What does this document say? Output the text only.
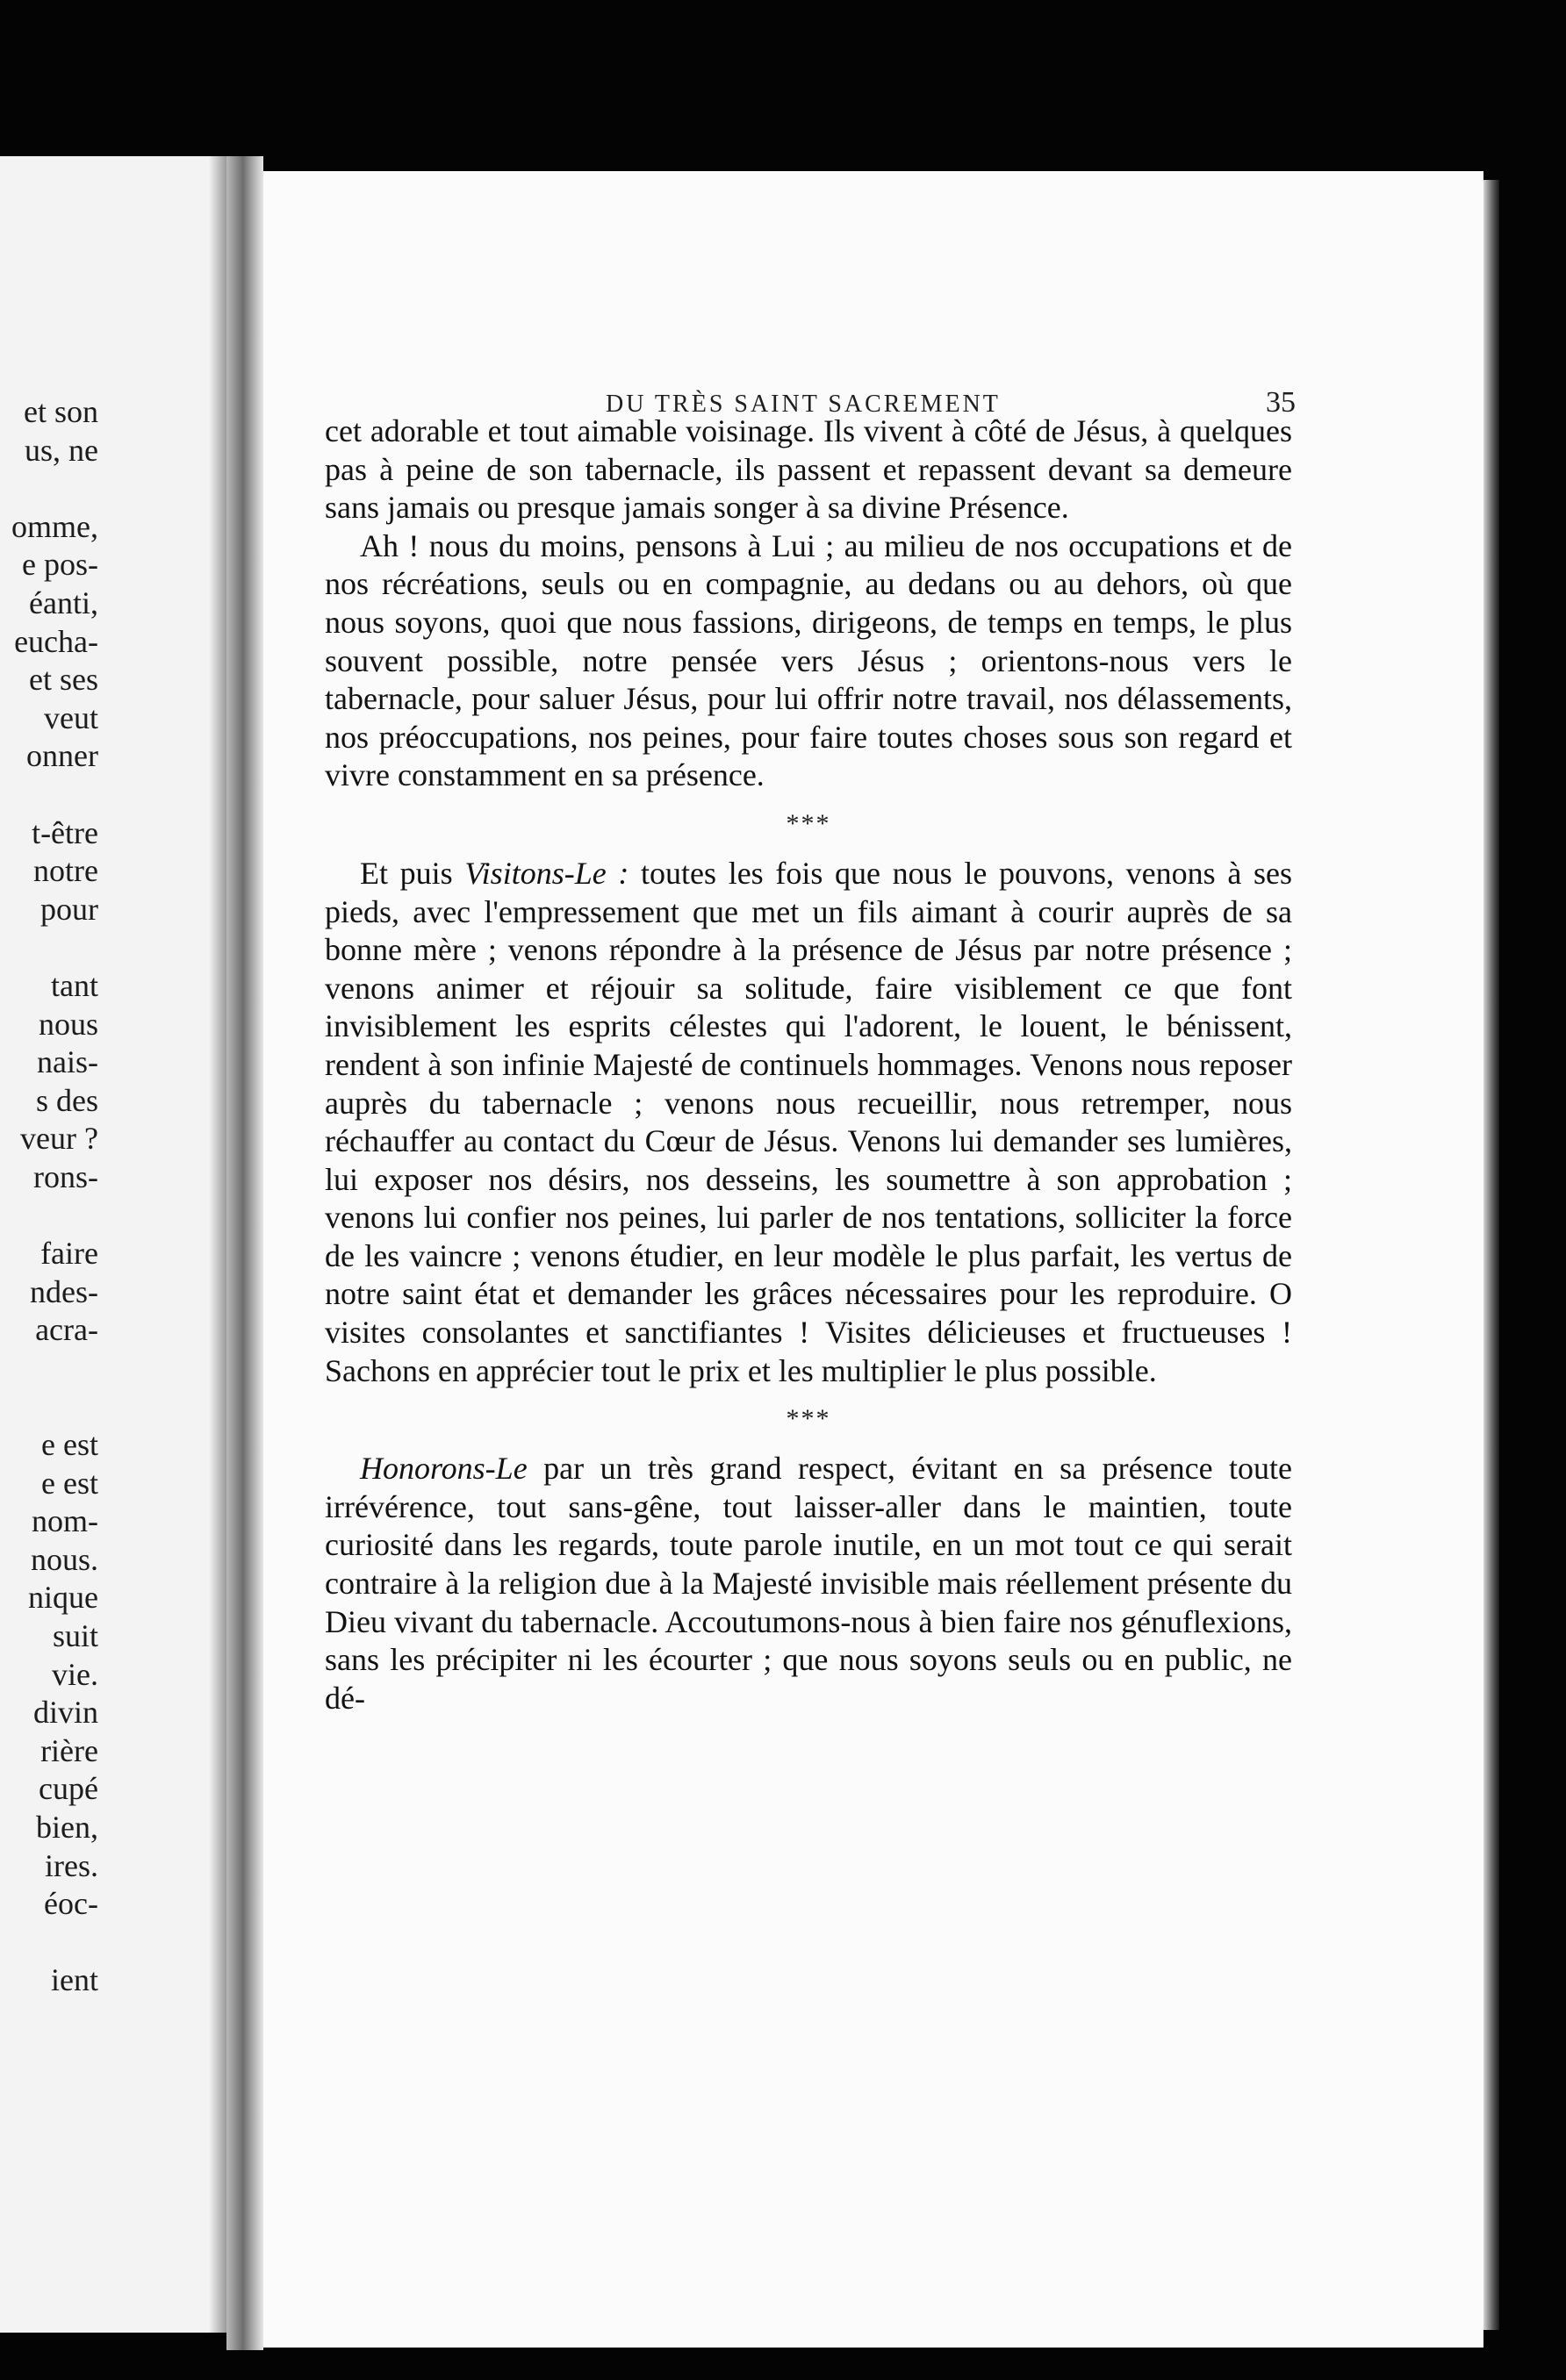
et son
us, ne
omme,
e pos-
éanti,
eucha-
et ses
veut
onner
t-être
notre
pour
tant
nous
nais-
s des
veur ?
rons-
faire
ndes-
acra-
e est
e est
nom-
nous.
nique
suit
vie.
divin
rière
cupé
bien,
ires.
éoc-
ient
DU TRÈS SAINT SACREMENT	35

cet adorable et tout aimable voisinage. Ils vivent à côté de Jésus, à quelques pas à peine de son tabernacle, ils passent et repassent devant sa demeure sans jamais ou presque jamais songer à sa divine Présence.

Ah ! nous du moins, pensons à Lui ; au milieu de nos occupations et de nos récréations, seuls ou en compagnie, au dedans ou au dehors, où que nous soyons, quoi que nous fassions, dirigeons, de temps en temps, le plus souvent possible, notre pensée vers Jésus ; orientons-nous vers le tabernacle, pour saluer Jésus, pour lui offrir notre travail, nos délassements, nos préoccupations, nos peines, pour faire toutes choses sous son regard et vivre constamment en sa présence.

***

Et puis Visitons-Le : toutes les fois que nous le pouvons, venons à ses pieds, avec l'empressement que met un fils aimant à courir auprès de sa bonne mère ; venons répondre à la présence de Jésus par notre présence ; venons animer et réjouir sa solitude, faire visiblement ce que font invisiblement les esprits célestes qui l'adorent, le louent, le bénissent, rendent à son infinie Majesté de continuels hommages. Venons nous reposer auprès du tabernacle ; venons nous recueillir, nous retremper, nous réchauffer au contact du Cœur de Jésus. Venons lui demander ses lumières, lui exposer nos désirs, nos desseins, les soumettre à son approbation ; venons lui confier nos peines, lui parler de nos tentations, solliciter la force de les vaincre ; venons étudier, en leur modèle le plus parfait, les vertus de notre saint état et demander les grâces nécessaires pour les reproduire. O visites consolantes et sanctifiantes ! Visites délicieuses et fructueuses ! Sachons en apprécier tout le prix et les multiplier le plus possible.

***

Honorons-Le par un très grand respect, évitant en sa présence toute irrévérence, tout sans-gêne, tout laisser-aller dans le maintien, toute curiosité dans les regards, toute parole inutile, en un mot tout ce qui serait contraire à la religion due à la Majesté invisible mais réellement présente du Dieu vivant du tabernacle. Accoutumons-nous à bien faire nos génuflexions, sans les précipiter ni les écourter ; que nous soyons seuls ou en public, ne dé-
